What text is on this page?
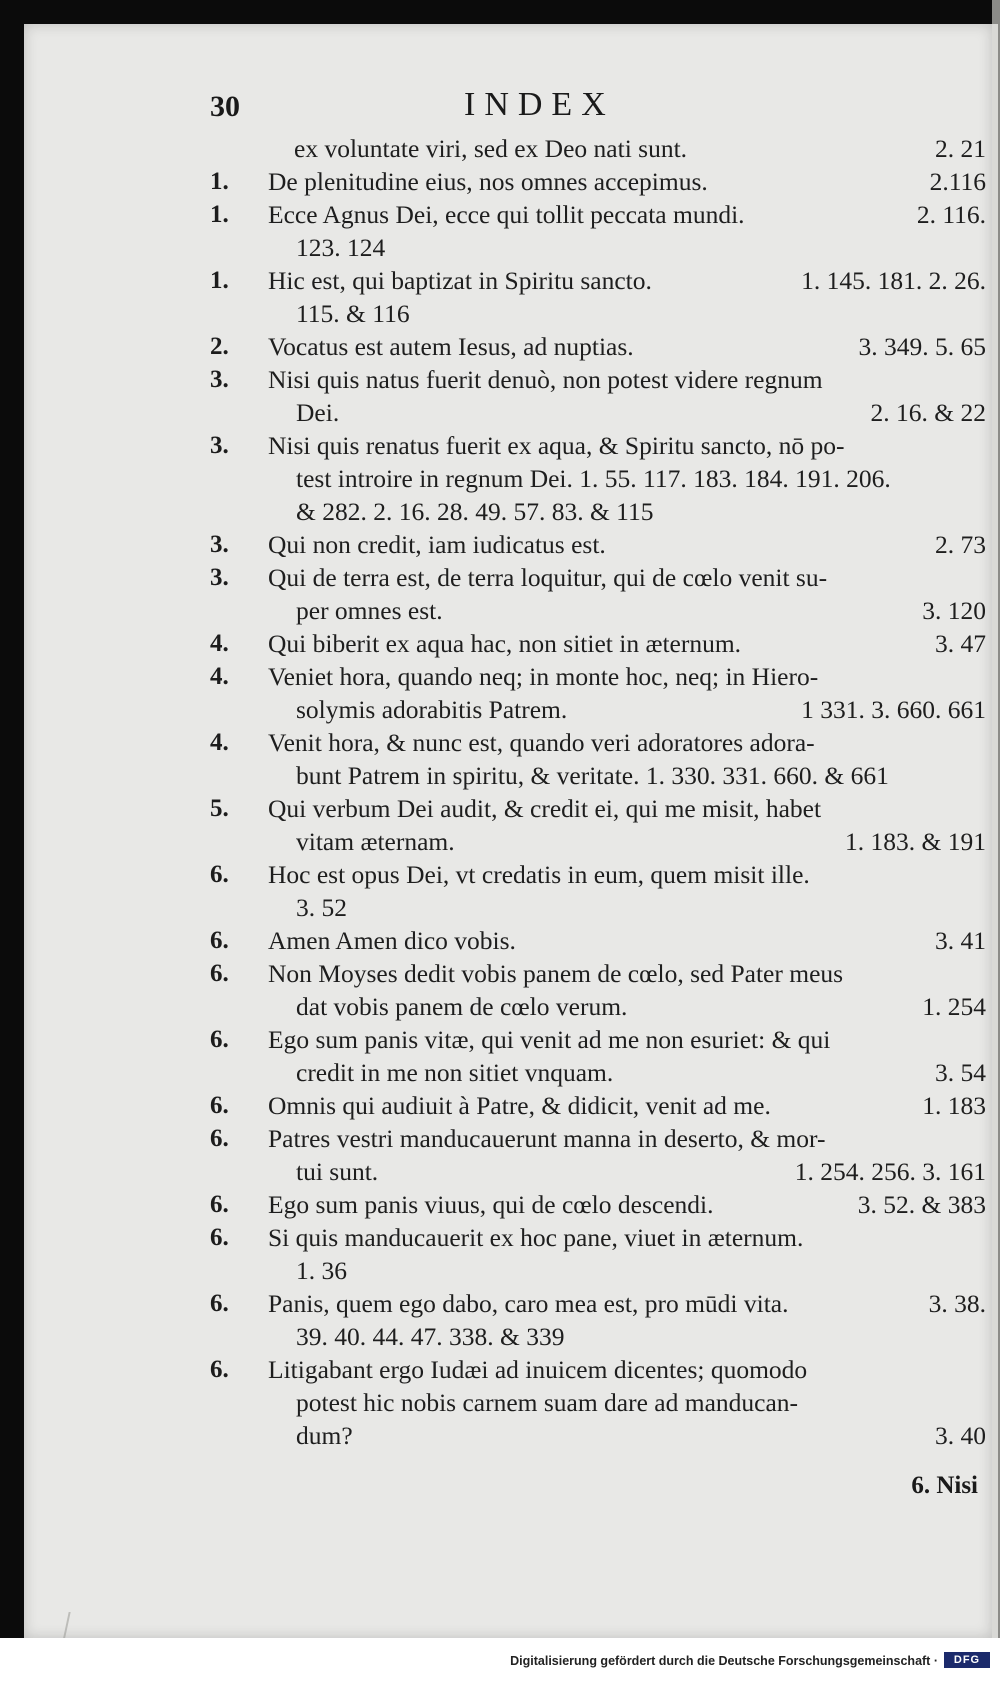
30	INDEX
ex voluntate viri, sed ex Deo nati sunt.	2. 21
1.	De plenitudine eius, nos omnes accepimus.	2.116
1.	Ecce Agnus Dei, ecce qui tollit peccata mundi.	2. 116.
123. 124
1.	Hic est, qui baptizat in Spiritu sancto.	1. 145. 181. 2. 26.
115. & 116
2.	Vocatus est autem Iesus, ad nuptias.	3. 349. 5. 65
3.	Nisi quis natus fuerit denuò, non potest videre regnum
Dei.	2. 16. & 22
3.	Nisi quis renatus fuerit ex aqua, & Spiritu sancto, nō po-
test introire in regnum Dei. 1. 55. 117. 183. 184. 191. 206.
& 282. 2. 16. 28. 49. 57. 83. & 115
3.	Qui non credit, iam iudicatus est.	2. 73
3.	Qui de terra est, de terra loquitur, qui de cœlo venit su-
per omnes est.	3. 120
4.	Qui biberit ex aqua hac, non sitiet in æternum.	3. 47
4.	Veniet hora, quando neq; in monte hoc, neq; in Hiero-
solymis adorabitis Patrem.	1 331. 3. 660. 661
4.	Venit hora, & nunc est, quando veri adoratores adora-
bunt Patrem in spiritu, & veritate. 1. 330. 331. 660. & 661
5.	Qui verbum Dei audit, & credit ei, qui me misit, habet
vitam æternam.	1. 183. & 191
6.	Hoc est opus Dei, vt credatis in eum, quem misit ille.
3. 52
6.	Amen Amen dico vobis.	3. 41
6.	Non Moyses dedit vobis panem de cœlo, sed Pater meus
dat vobis panem de cœlo verum.	1. 254
6.	Ego sum panis vitæ, qui venit ad me non esuriet: & qui
credit in me non sitiet vnquam.	3. 54
6.	Omnis qui audiuit à Patre, & didicit, venit ad me.	1. 183
6.	Patres vestri manducauerunt manna in deserto, & mor-
tui sunt.	1. 254. 256. 3. 161
6.	Ego sum panis viuus, qui de cœlo descendi.	3. 52. & 383
6.	Si quis manducauerit ex hoc pane, viuet in æternum.
1. 36
6.	Panis, quem ego dabo, caro mea est, pro mūdi vita.	3. 38.
39. 40. 44. 47. 338. & 339
6.	Litigabant ergo Iudæi ad inuicem dicentes; quomodo
potest hic nobis carnem suam dare ad manducan-
dum?	3. 40
6. Nisi
Digitalisierung gefördert durch die Deutsche Forschungsgemeinschaft ·	DFG
